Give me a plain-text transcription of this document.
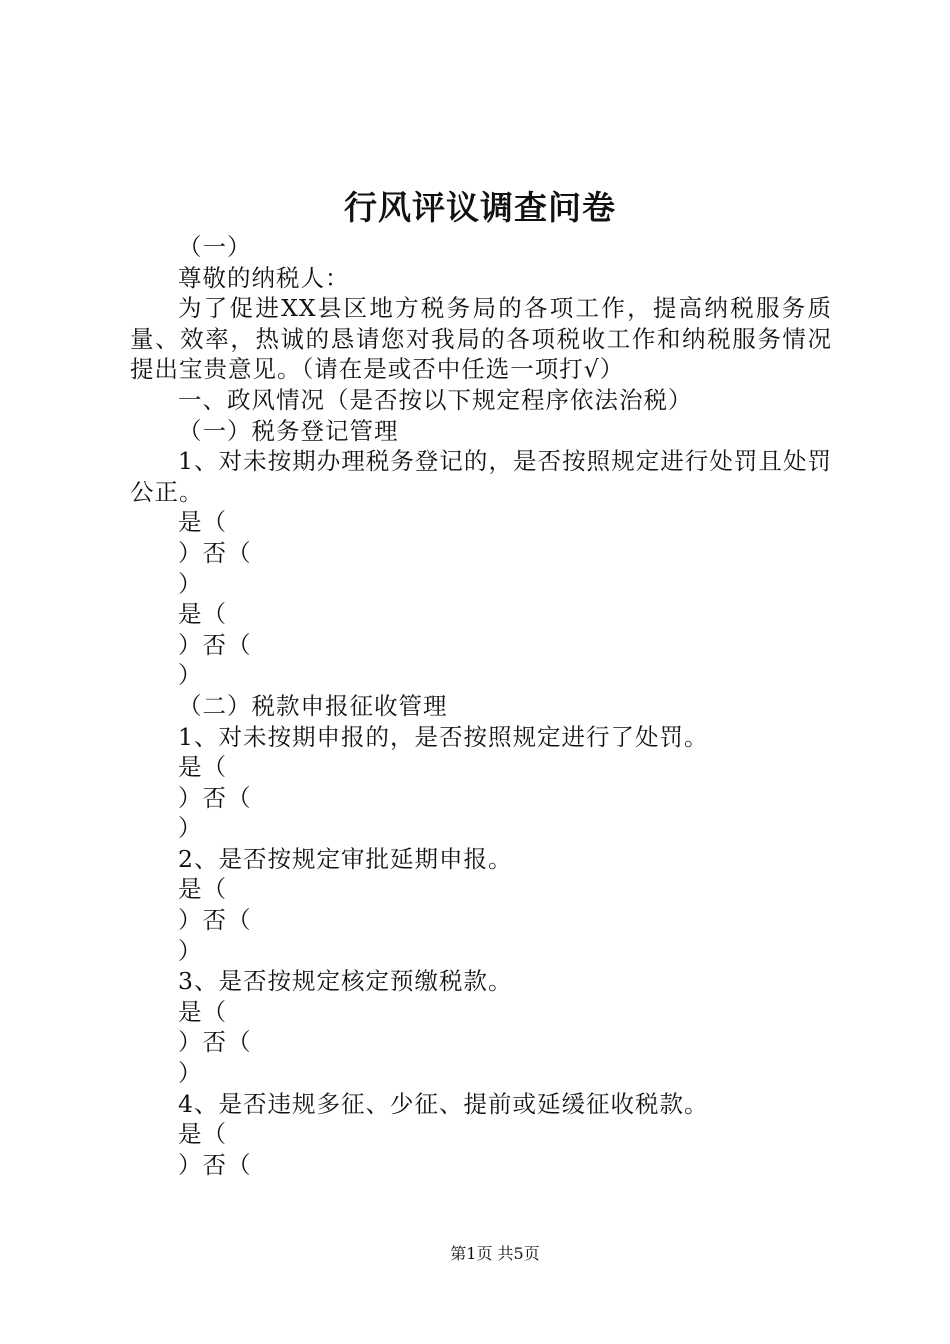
行风评议调查问卷
（一）
尊敬的纳税人：
为了促进XX县区地方税务局的各项工作，提高纳税服务质量、效率，热诚的恳请您对我局的各项税收工作和纳税服务情况提出宝贵意见。（请在是或否中任选一项打√）
一、政风情况（是否按以下规定程序依法治税）
（一）税务登记管理
1、对未按期办理税务登记的，是否按照规定进行处罚且处罚公正。
是（
）否（
）
是（
）否（
）
（二）税款申报征收管理
1、对未按期申报的，是否按照规定进行了处罚。
是（
）否（
）
2、是否按规定审批延期申报。
是（
）否（
）
3、是否按规定核定预缴税款。
是（
）否（
）
4、是否违规多征、少征、提前或延缓征收税款。
是（
）否（
第1页 共5页
